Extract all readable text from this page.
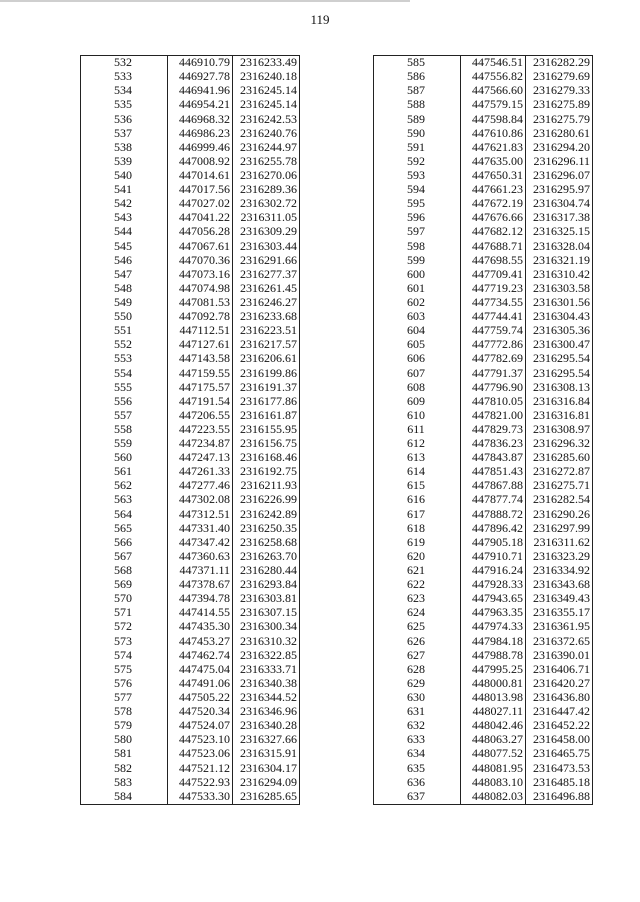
119
532	446910.79	2316233.49
533	446927.78	2316240.18
534	446941.96	2316245.14
535	446954.21	2316245.14
536	446968.32	2316242.53
537	446986.23	2316240.76
538	446999.46	2316244.97
539	447008.92	2316255.78
540	447014.61	2316270.06
541	447017.56	2316289.36
542	447027.02	2316302.72
543	447041.22	2316311.05
544	447056.28	2316309.29
545	447067.61	2316303.44
546	447070.36	2316291.66
547	447073.16	2316277.37
548	447074.98	2316261.45
549	447081.53	2316246.27
550	447092.78	2316233.68
551	447112.51	2316223.51
552	447127.61	2316217.57
553	447143.58	2316206.61
554	447159.55	2316199.86
555	447175.57	2316191.37
556	447191.54	2316177.86
557	447206.55	2316161.87
558	447223.55	2316155.95
559	447234.87	2316156.75
560	447247.13	2316168.46
561	447261.33	2316192.75
562	447277.46	2316211.93
563	447302.08	2316226.99
564	447312.51	2316242.89
565	447331.40	2316250.35
566	447347.42	2316258.68
567	447360.63	2316263.70
568	447371.11	2316280.44
569	447378.67	2316293.84
570	447394.78	2316303.81
571	447414.55	2316307.15
572	447435.30	2316300.34
573	447453.27	2316310.32
574	447462.74	2316322.85
575	447475.04	2316333.71
576	447491.06	2316340.38
577	447505.22	2316344.52
578	447520.34	2316346.96
579	447524.07	2316340.28
580	447523.10	2316327.66
581	447523.06	2316315.91
582	447521.12	2316304.17
583	447522.93	2316294.09
584	447533.30	2316285.65
585	447546.51	2316282.29
586	447556.82	2316279.69
587	447566.60	2316279.33
588	447579.15	2316275.89
589	447598.84	2316275.79
590	447610.86	2316280.61
591	447621.83	2316294.20
592	447635.00	2316296.11
593	447650.31	2316296.07
594	447661.23	2316295.97
595	447672.19	2316304.74
596	447676.66	2316317.38
597	447682.12	2316325.15
598	447688.71	2316328.04
599	447698.55	2316321.19
600	447709.41	2316310.42
601	447719.23	2316303.58
602	447734.55	2316301.56
603	447744.41	2316304.43
604	447759.74	2316305.36
605	447772.86	2316300.47
606	447782.69	2316295.54
607	447791.37	2316295.54
608	447796.90	2316308.13
609	447810.05	2316316.84
610	447821.00	2316316.81
611	447829.73	2316308.97
612	447836.23	2316296.32
613	447843.87	2316285.60
614	447851.43	2316272.87
615	447867.88	2316275.71
616	447877.74	2316282.54
617	447888.72	2316290.26
618	447896.42	2316297.99
619	447905.18	2316311.62
620	447910.71	2316323.29
621	447916.24	2316334.92
622	447928.33	2316343.68
623	447943.65	2316349.43
624	447963.35	2316355.17
625	447974.33	2316361.95
626	447984.18	2316372.65
627	447988.78	2316390.01
628	447995.25	2316406.71
629	448000.81	2316420.27
630	448013.98	2316436.80
631	448027.11	2316447.42
632	448042.46	2316452.22
633	448063.27	2316458.00
634	448077.52	2316465.75
635	448081.95	2316473.53
636	448083.10	2316485.18
637	448082.03	2316496.88
